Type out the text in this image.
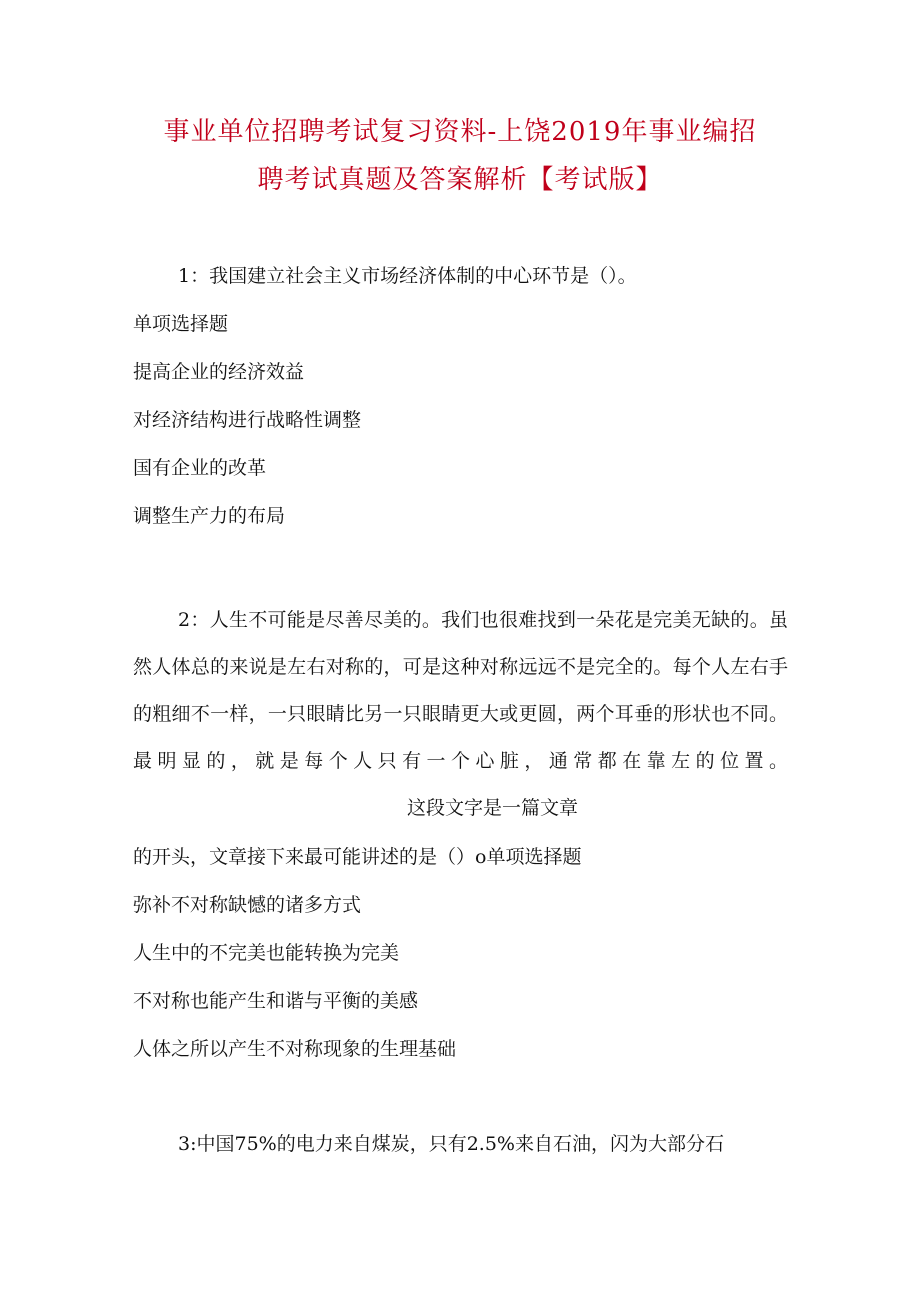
事业单位招聘考试复习资料-上饶2019年事业编招
聘考试真题及答案解析【考试版】
1：我国建立社会主义市场经济体制的中心环节是（）。
单项选择题
提高企业的经济效益
对经济结构进行战略性调整
国有企业的改革
调整生产力的布局
2：人生不可能是尽善尽美的。我们也很难找到一朵花是完美无缺的。虽然人体总的来说是左右对称的，可是这种对称远远不是完全的。每个人左右手的粗细不一样，一只眼睛比另一只眼睛更大或更圆，两个耳垂的形状也不同。最明显的，就是每个人只有一个心脏，通常都在靠左的位置。这段文字是一篇文章
的开头，文章接下来最可能讲述的是（）o单项选择题
弥补不对称缺憾的诸多方式
人生中的不完美也能转换为完美
不对称也能产生和谐与平衡的美感
人体之所以产生不对称现象的生理基础
3:中国75%的电力来自煤炭，只有2.5%来自石油，闪为大部分石
